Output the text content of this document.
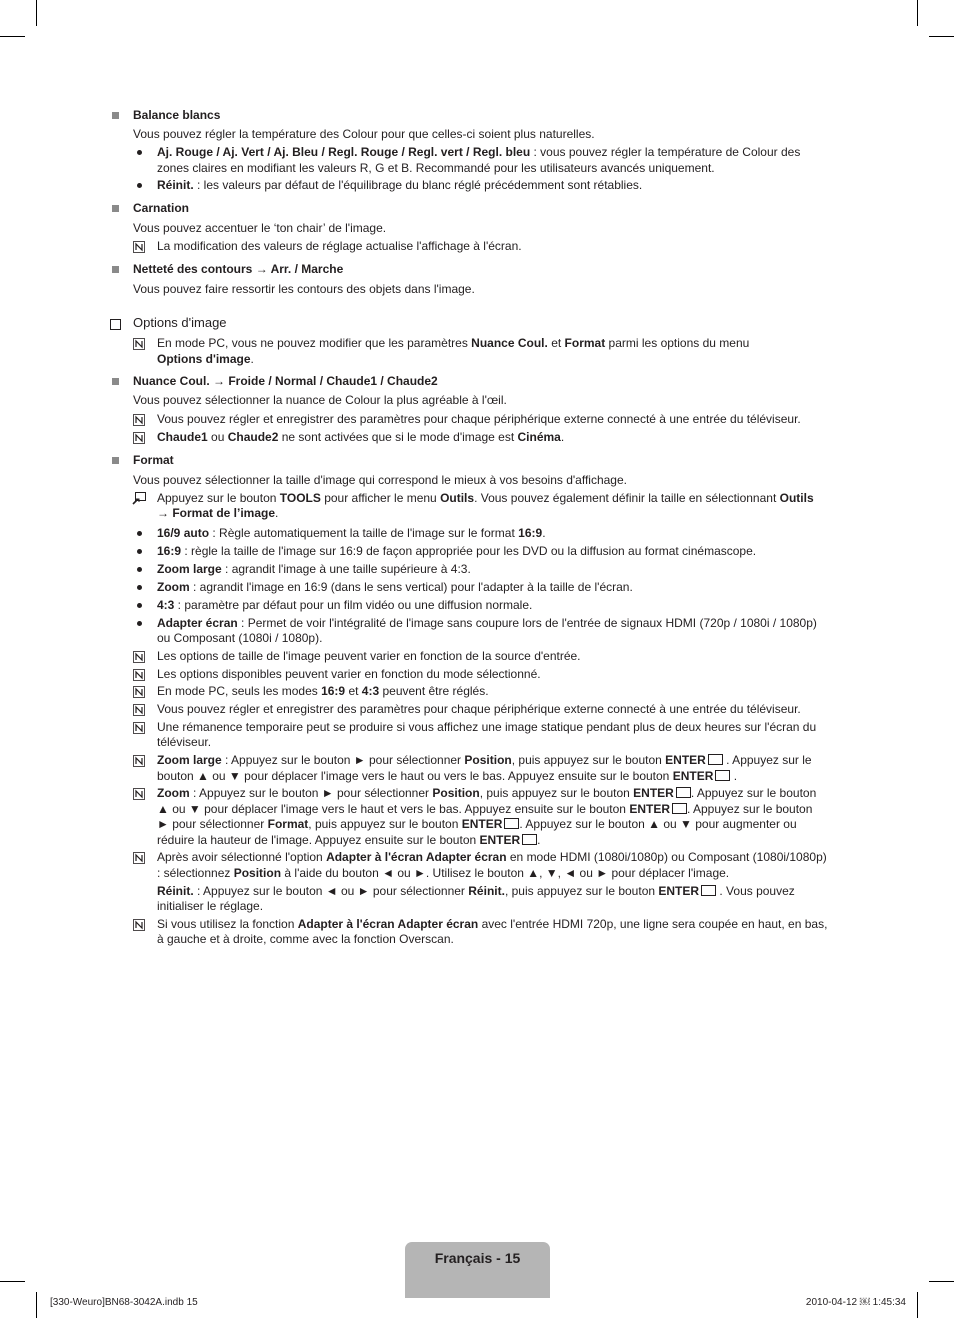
Balance blancs
Vous pouvez régler la température des Colour pour que celles-ci soient plus naturelles.
Aj. Rouge / Aj. Vert / Aj. Bleu / Regl. Rouge / Regl. vert / Regl. bleu : vous pouvez régler la température de Colour des
zones claires en modifiant les valeurs R, G et B. Recommandé pour les utilisateurs avancés uniquement.
Réinit. : les valeurs par défaut de l'équilibrage du blanc réglé précédemment sont rétablies.
Carnation
Vous pouvez accentuer le ‘ton chair’ de l'image.
La modification des valeurs de réglage actualise l'affichage à l'écran.
Netteté des contours → Arr. / Marche
Vous pouvez faire ressortir les contours des objets dans l'image.
Options d'image
En mode PC, vous ne pouvez modifier que les paramètres Nuance Coul. et Format parmi les options du menu
Options d'image.
Nuance Coul. → Froide / Normal / Chaude1 / Chaude2
Vous pouvez sélectionner la nuance de Colour la plus agréable à l'œil.
Vous pouvez régler et enregistrer des paramètres pour chaque périphérique externe connecté à une entrée du téléviseur.
Chaude1 ou Chaude2 ne sont activées que si le mode d'image est Cinéma.
Format
Vous pouvez sélectionner la taille d'image qui correspond le mieux à vos besoins d'affichage.
Appuyez sur le bouton TOOLS pour afficher le menu Outils. Vous pouvez également définir la taille en sélectionnant Outils
→ Format de l’image.
16/9 auto : Règle automatiquement la taille de l'image sur le format 16:9.
16:9 : règle la taille de l'image sur 16:9 de façon appropriée pour les DVD ou la diffusion au format cinémascope.
Zoom large : agrandit l'image à une taille supérieure à 4:3.
Zoom : agrandit l'image en 16:9 (dans le sens vertical) pour l'adapter à la taille de l'écran.
4:3 : paramètre par défaut pour un film vidéo ou une diffusion normale.
Adapter écran : Permet de voir l'intégralité de l'image sans coupure lors de l'entrée de signaux HDMI (720p / 1080i / 1080p)
ou Composant (1080i / 1080p).
Les options de taille de l'image peuvent varier en fonction de la source d'entrée.
Les options disponibles peuvent varier en fonction du mode sélectionné.
En mode PC, seuls les modes 16:9 et 4:3 peuvent être réglés.
Vous pouvez régler et enregistrer des paramètres pour chaque périphérique externe connecté à une entrée du téléviseur.
Une rémanence temporaire peut se produire si vous affichez une image statique pendant plus de deux heures sur l'écran du
téléviseur.
Zoom large : Appuyez sur le bouton ► pour sélectionner Position, puis appuyez sur le bouton ENTER . Appuyez sur le
bouton ▲ ou ▼ pour déplacer l'image vers le haut ou vers le bas. Appuyez ensuite sur le bouton ENTER .
Zoom : Appuyez sur le bouton ► pour sélectionner Position, puis appuyez sur le bouton ENTER . Appuyez sur le bouton
▲ ou ▼ pour déplacer l'image vers le haut et vers le bas. Appuyez ensuite sur le bouton ENTER . Appuyez sur le bouton
► pour sélectionner Format, puis appuyez sur le bouton ENTER . Appuyez sur le bouton ▲ ou ▼ pour augmenter ou
réduire la hauteur de l'image. Appuyez ensuite sur le bouton ENTER .
Après avoir sélectionné l'option Adapter à l'écran Adapter écran en mode HDMI (1080i/1080p) ou Composant (1080i/1080p)
: sélectionnez Position à l'aide du bouton ◄ ou ►. Utilisez le bouton ▲, ▼, ◄ ou ► pour déplacer l'image.
Réinit. : Appuyez sur le bouton ◄ ou ► pour sélectionner Réinit., puis appuyez sur le bouton ENTER . Vous pouvez
initialiser le réglage.
Si vous utilisez la fonction Adapter à l'écran Adapter écran avec l'entrée HDMI 720p, une ligne sera coupée en haut, en bas,
à gauche et à droite, comme avec la fonction Overscan.
Français - 15
[330-Weuro]BN68-3042A.indb 15	2010-04-12 ￼ 1:45:34
